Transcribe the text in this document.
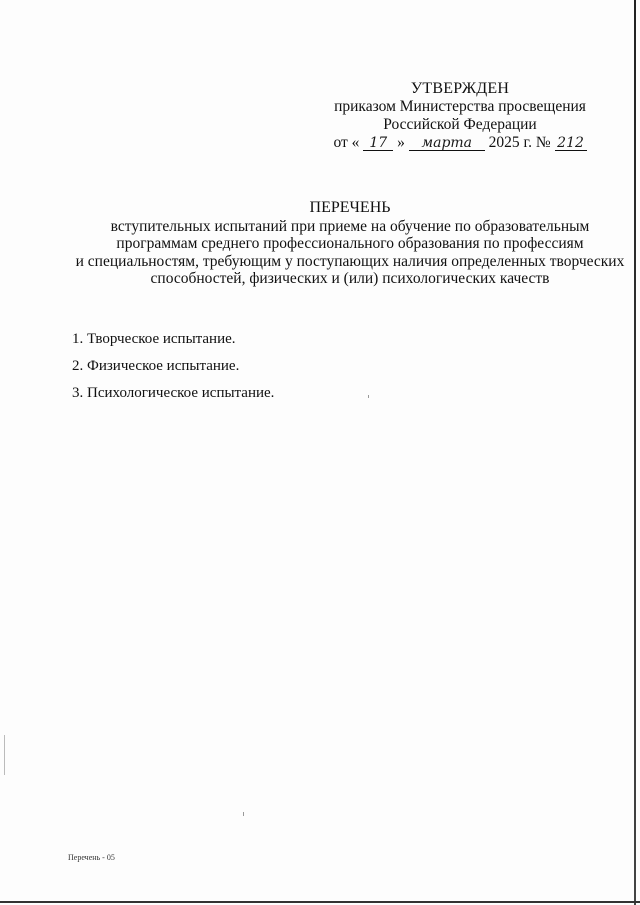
УТВЕРЖДЕН
приказом Министерства просвещения
Российской Федерации
от « 17 » марта 2025 г. № 212
ПЕРЕЧЕНЬ
вступительных испытаний при приеме на обучение по образовательным
программам среднего профессионального образования по профессиям
и специальностям, требующим у поступающих наличия определенных творческих
способностей, физических и (или) психологических качеств
1. Творческое испытание.
2. Физическое испытание.
3. Психологическое испытание.
Перечень - 05
